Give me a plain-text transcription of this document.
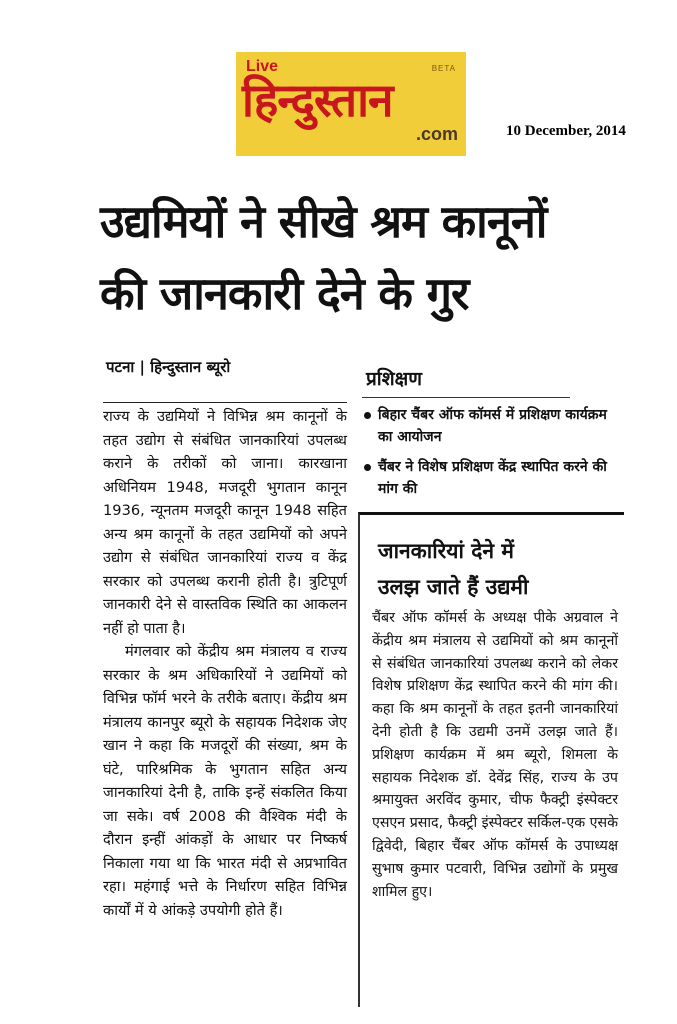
Live	BETA
हिन्दुस्तान
.com	10 December, 2014
उद्यमियों ने सीखे श्रम कानूनों
की जानकारी देने के गुर
पटना | हिन्दुस्तान ब्यूरो

राज्य के उद्यमियों ने विभिन्न श्रम कानूनों के तहत उद्योग से संबंधित जानकारियां उपलब्ध कराने के तरीकों को जाना। कारखाना अधिनियम 1948, मजदूरी भुगतान कानून 1936, न्यूनतम मजदूरी कानून 1948 सहित अन्य श्रम कानूनों के तहत उद्यमियों को अपने उद्योग से संबंधित जानकारियां राज्य व केंद्र सरकार को उपलब्ध करानी होती है। त्रुटिपूर्ण जानकारी देने से वास्तविक स्थिति का आकलन नहीं हो पाता है।

मंगलवार को केंद्रीय श्रम मंत्रालय व राज्य सरकार के श्रम अधिकारियों ने उद्यमियों को विभिन्न फॉर्म भरने के तरीके बताए। केंद्रीय श्रम मंत्रालय कानपुर ब्यूरो के सहायक निदेशक जेए खान ने कहा कि मजदूरों की संख्या, श्रम के घंटे, पारिश्रमिक के भुगतान सहित अन्य जानकारियां देनी है, ताकि इन्हें संकलित किया जा सके। वर्ष 2008 की वैश्विक मंदी के दौरान इन्हीं आंकड़ों के आधार पर निष्कर्ष निकाला गया था कि भारत मंदी से अप्रभावित रहा। महंगाई भत्ते के निर्धारण सहित विभिन्न कार्यों में ये आंकड़े उपयोगी होते हैं।

प्रशिक्षण
बिहार चैंबर ऑफ कॉमर्स में प्रशिक्षण कार्यक्रम का आयोजन
चैंबर ने विशेष प्रशिक्षण केंद्र स्थापित करने की मांग की
जानकारियां देने में
उलझ जाते हैं उद्यमी

चैंबर ऑफ कॉमर्स के अध्यक्ष पीके अग्रवाल ने केंद्रीय श्रम मंत्रालय से उद्यमियों को श्रम कानूनों से संबंधित जानकारियां उपलब्ध कराने को लेकर विशेष प्रशिक्षण केंद्र स्थापित करने की मांग की। कहा कि श्रम कानूनों के तहत इतनी जानकारियां देनी होती है कि उद्यमी उनमें उलझ जाते हैं। प्रशिक्षण कार्यक्रम में श्रम ब्यूरो, शिमला के सहायक निदेशक डॉ. देवेंद्र सिंह, राज्य के उप श्रमायुक्त अरविंद कुमार, चीफ फैक्ट्री इंस्पेक्टर एसएन प्रसाद, फैक्ट्री इंस्पेक्टर सर्किल-एक एसके द्विवेदी, बिहार चैंबर ऑफ कॉमर्स के उपाध्यक्ष सुभाष कुमार पटवारी, विभिन्न उद्योगों के प्रमुख शामिल हुए।
